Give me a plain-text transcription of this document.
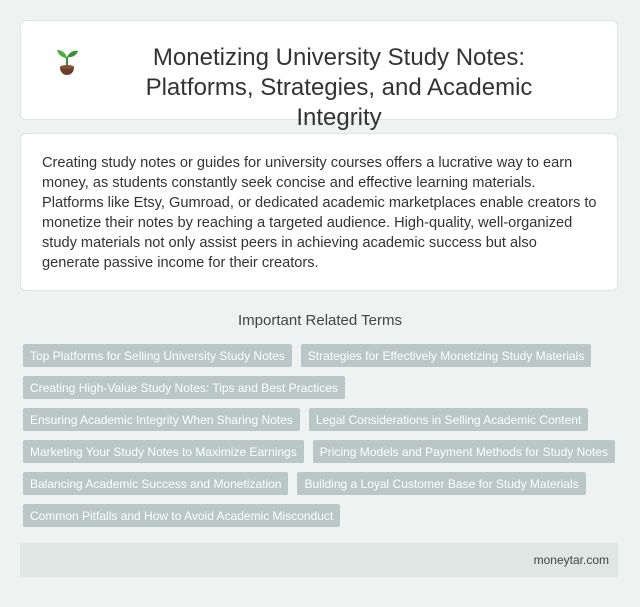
Monetizing University Study Notes: Platforms, Strategies, and Academic Integrity

Creating study notes or guides for university courses offers a lucrative way to earn money, as students constantly seek concise and effective learning materials. Platforms like Etsy, Gumroad, or dedicated academic marketplaces enable creators to monetize their notes by reaching a targeted audience. High-quality, well-organized study materials not only assist peers in achieving academic success but also generate passive income for their creators.

Important Related Terms
Top Platforms for Selling University Study Notes	Strategies for Effectively Monetizing Study Materials
Creating High-Value Study Notes: Tips and Best Practices
Ensuring Academic Integrity When Sharing Notes	Legal Considerations in Selling Academic Content
Marketing Your Study Notes to Maximize Earnings	Pricing Models and Payment Methods for Study Notes
Balancing Academic Success and Monetization	Building a Loyal Customer Base for Study Materials
Common Pitfalls and How to Avoid Academic Misconduct
moneytar.com
